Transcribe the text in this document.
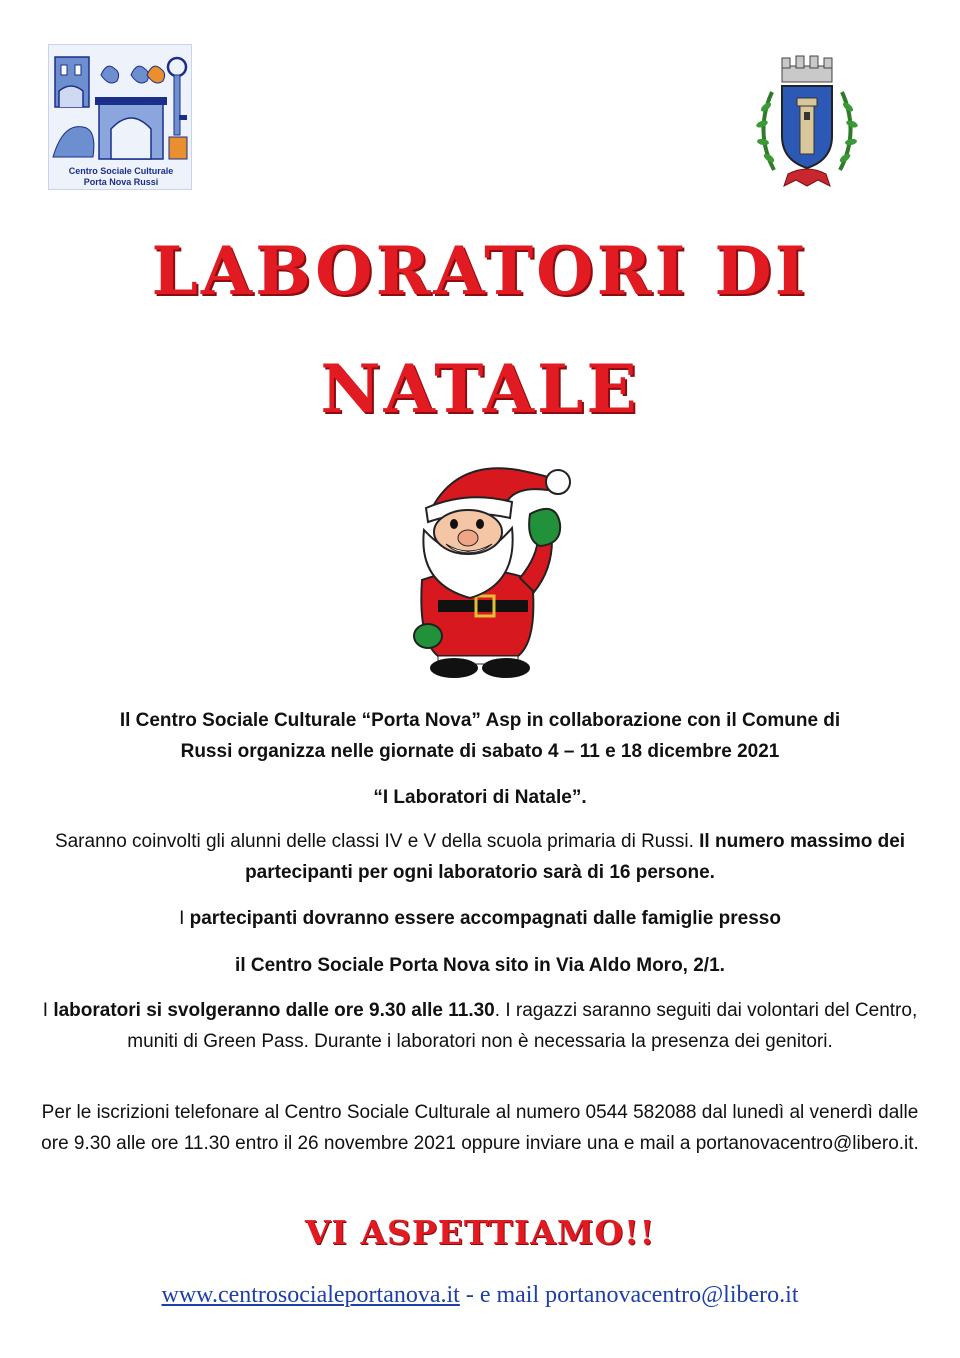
Centro Sociale Culturale
Porta Nova Russi
LABORATORI DI
NATALE
Il Centro Sociale Culturale “Porta Nova” Asp in collaborazione con il Comune di
Russi organizza nelle giornate di sabato 4 – 11 e 18 dicembre 2021
“I Laboratori di Natale”.
Saranno coinvolti gli alunni delle classi IV e V della scuola primaria di Russi. Il numero massimo dei partecipanti per ogni laboratorio sarà di 16 persone.
I partecipanti dovranno essere accompagnati dalle famiglie presso
il Centro Sociale Porta Nova sito in Via Aldo Moro, 2/1.
I laboratori si svolgeranno dalle ore 9.30 alle 11.30. I ragazzi saranno seguiti dai volontari del Centro, muniti di Green Pass. Durante i laboratori non è necessaria la presenza dei genitori.
Per le iscrizioni telefonare al Centro Sociale Culturale al numero 0544 582088 dal lunedì al venerdì dalle ore 9.30 alle ore 11.30 entro il 26 novembre 2021 oppure inviare una e mail a portanovacentro@libero.it.
VI ASPETTIAMO!!
www.centrosocialeportanova.it - e mail portanovacentro@libero.it
